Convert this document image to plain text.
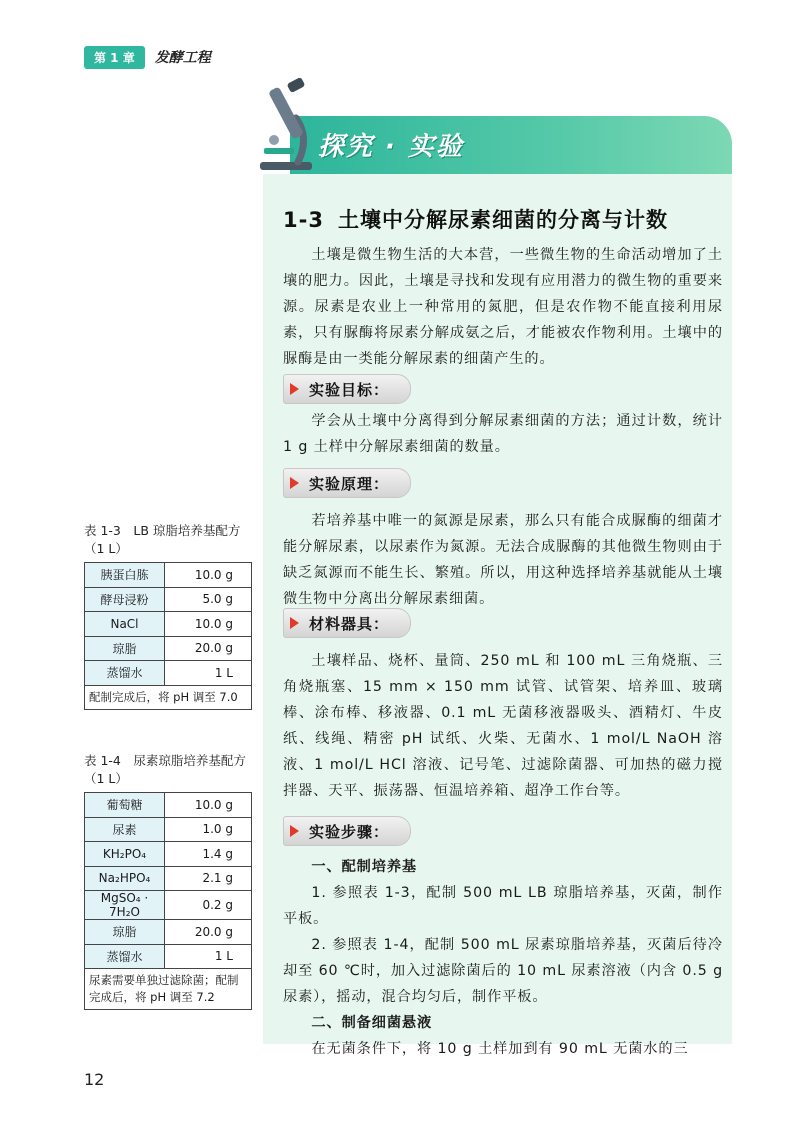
第 1 章	发酵工程
探究 · 实验
1-3 土壤中分解尿素细菌的分离与计数

土壤是微生物生活的大本营，一些微生物的生命活动增加了土壤的肥力。因此，土壤是寻找和发现有应用潜力的微生物的重要来源。尿素是农业上一种常用的氮肥，但是农作物不能直接利用尿素，只有脲酶将尿素分解成氨之后，才能被农作物利用。土壤中的脲酶是由一类能分解尿素的细菌产生的。

实验目标：

学会从土壤中分离得到分解尿素细菌的方法；通过计数，统计 1 g 土样中分解尿素细菌的数量。

实验原理：

若培养基中唯一的氮源是尿素，那么只有能合成脲酶的细菌才能分解尿素，以尿素作为氮源。无法合成脲酶的其他微生物则由于缺乏氮源而不能生长、繁殖。所以，用这种选择培养基就能从土壤微生物中分离出分解尿素细菌。

材料器具：

土壤样品、烧杯、量筒、250 mL 和 100 mL 三角烧瓶、三角烧瓶塞、15 mm × 150 mm 试管、试管架、培养皿、玻璃棒、涂布棒、移液器、0.1 mL 无菌移液器吸头、酒精灯、牛皮纸、线绳、精密 pH 试纸、火柴、无菌水、1 mol/L NaOH 溶液、1 mol/L HCl 溶液、记号笔、过滤除菌器、可加热的磁力搅拌器、天平、振荡器、恒温培养箱、超净工作台等。

实验步骤：

一、配制培养基

1. 参照表 1-3，配制 500 mL LB 琼脂培养基，灭菌，制作平板。

2. 参照表 1-4，配制 500 mL 尿素琼脂培养基，灭菌后待冷却至 60 ℃时，加入过滤除菌后的 10 mL 尿素溶液（内含 0.5 g 尿素），摇动，混合均匀后，制作平板。

二、制备细菌悬液

在无菌条件下，将 10 g 土样加到有 90 mL 无菌水的三

表 1-3　LB 琼脂培养基配方（1 L）
胰蛋白胨	10.0 g
酵母浸粉	5.0 g
NaCl	10.0 g
琼脂	20.0 g
蒸馏水	1 L
配制完成后，将 pH 调至 7.0	
表 1-4　尿素琼脂培养基配方（1 L）
葡萄糖	10.0 g
尿素	1.0 g
KH₂PO₄	1.4 g
Na₂HPO₄	2.1 g
MgSO₄ · 7H₂O	0.2 g
琼脂	20.0 g
蒸馏水	1 L
尿素需要单独过滤除菌；配制完成后，将 pH 调至 7.2	
12
